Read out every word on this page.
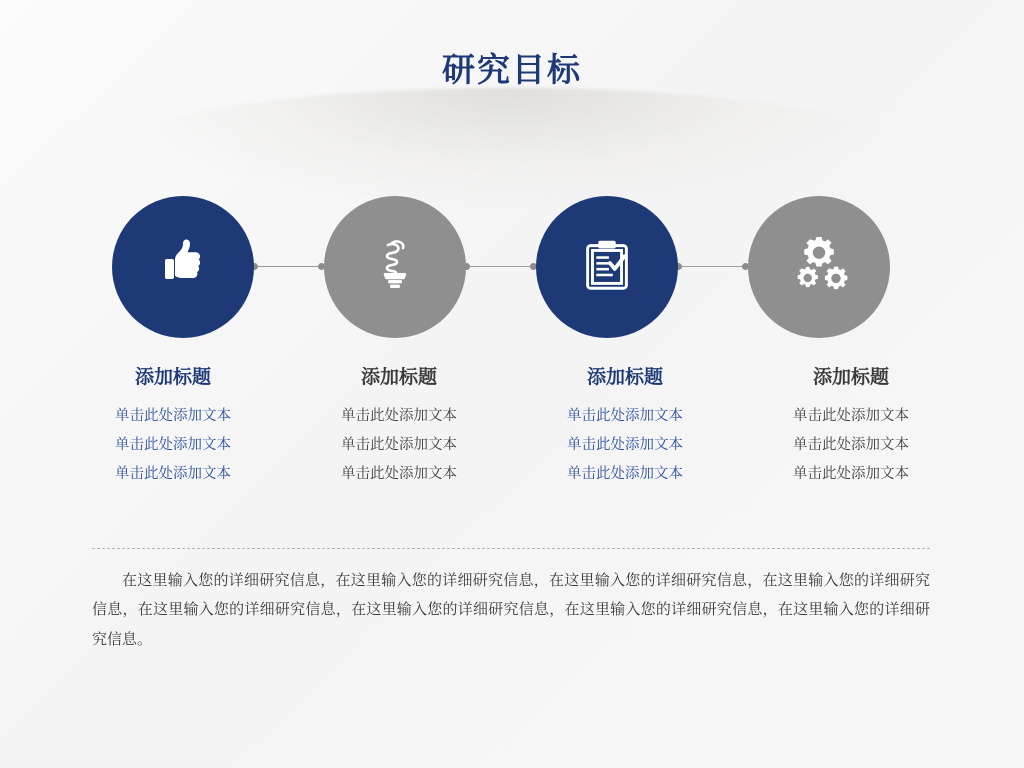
研究目标
添加标题

单击此处添加文本

单击此处添加文本

单击此处添加文本

添加标题

单击此处添加文本

单击此处添加文本

单击此处添加文本

添加标题

单击此处添加文本

单击此处添加文本

单击此处添加文本

添加标题

单击此处添加文本

单击此处添加文本

单击此处添加文本

在这里输入您的详细研究信息，在这里输入您的详细研究信息，在这里输入您的详细研究信息，在这里输入您的详细研究信息，在这里输入您的详细研究信息，在这里输入您的详细研究信息，在这里输入您的详细研究信息，在这里输入您的详细研究信息。
